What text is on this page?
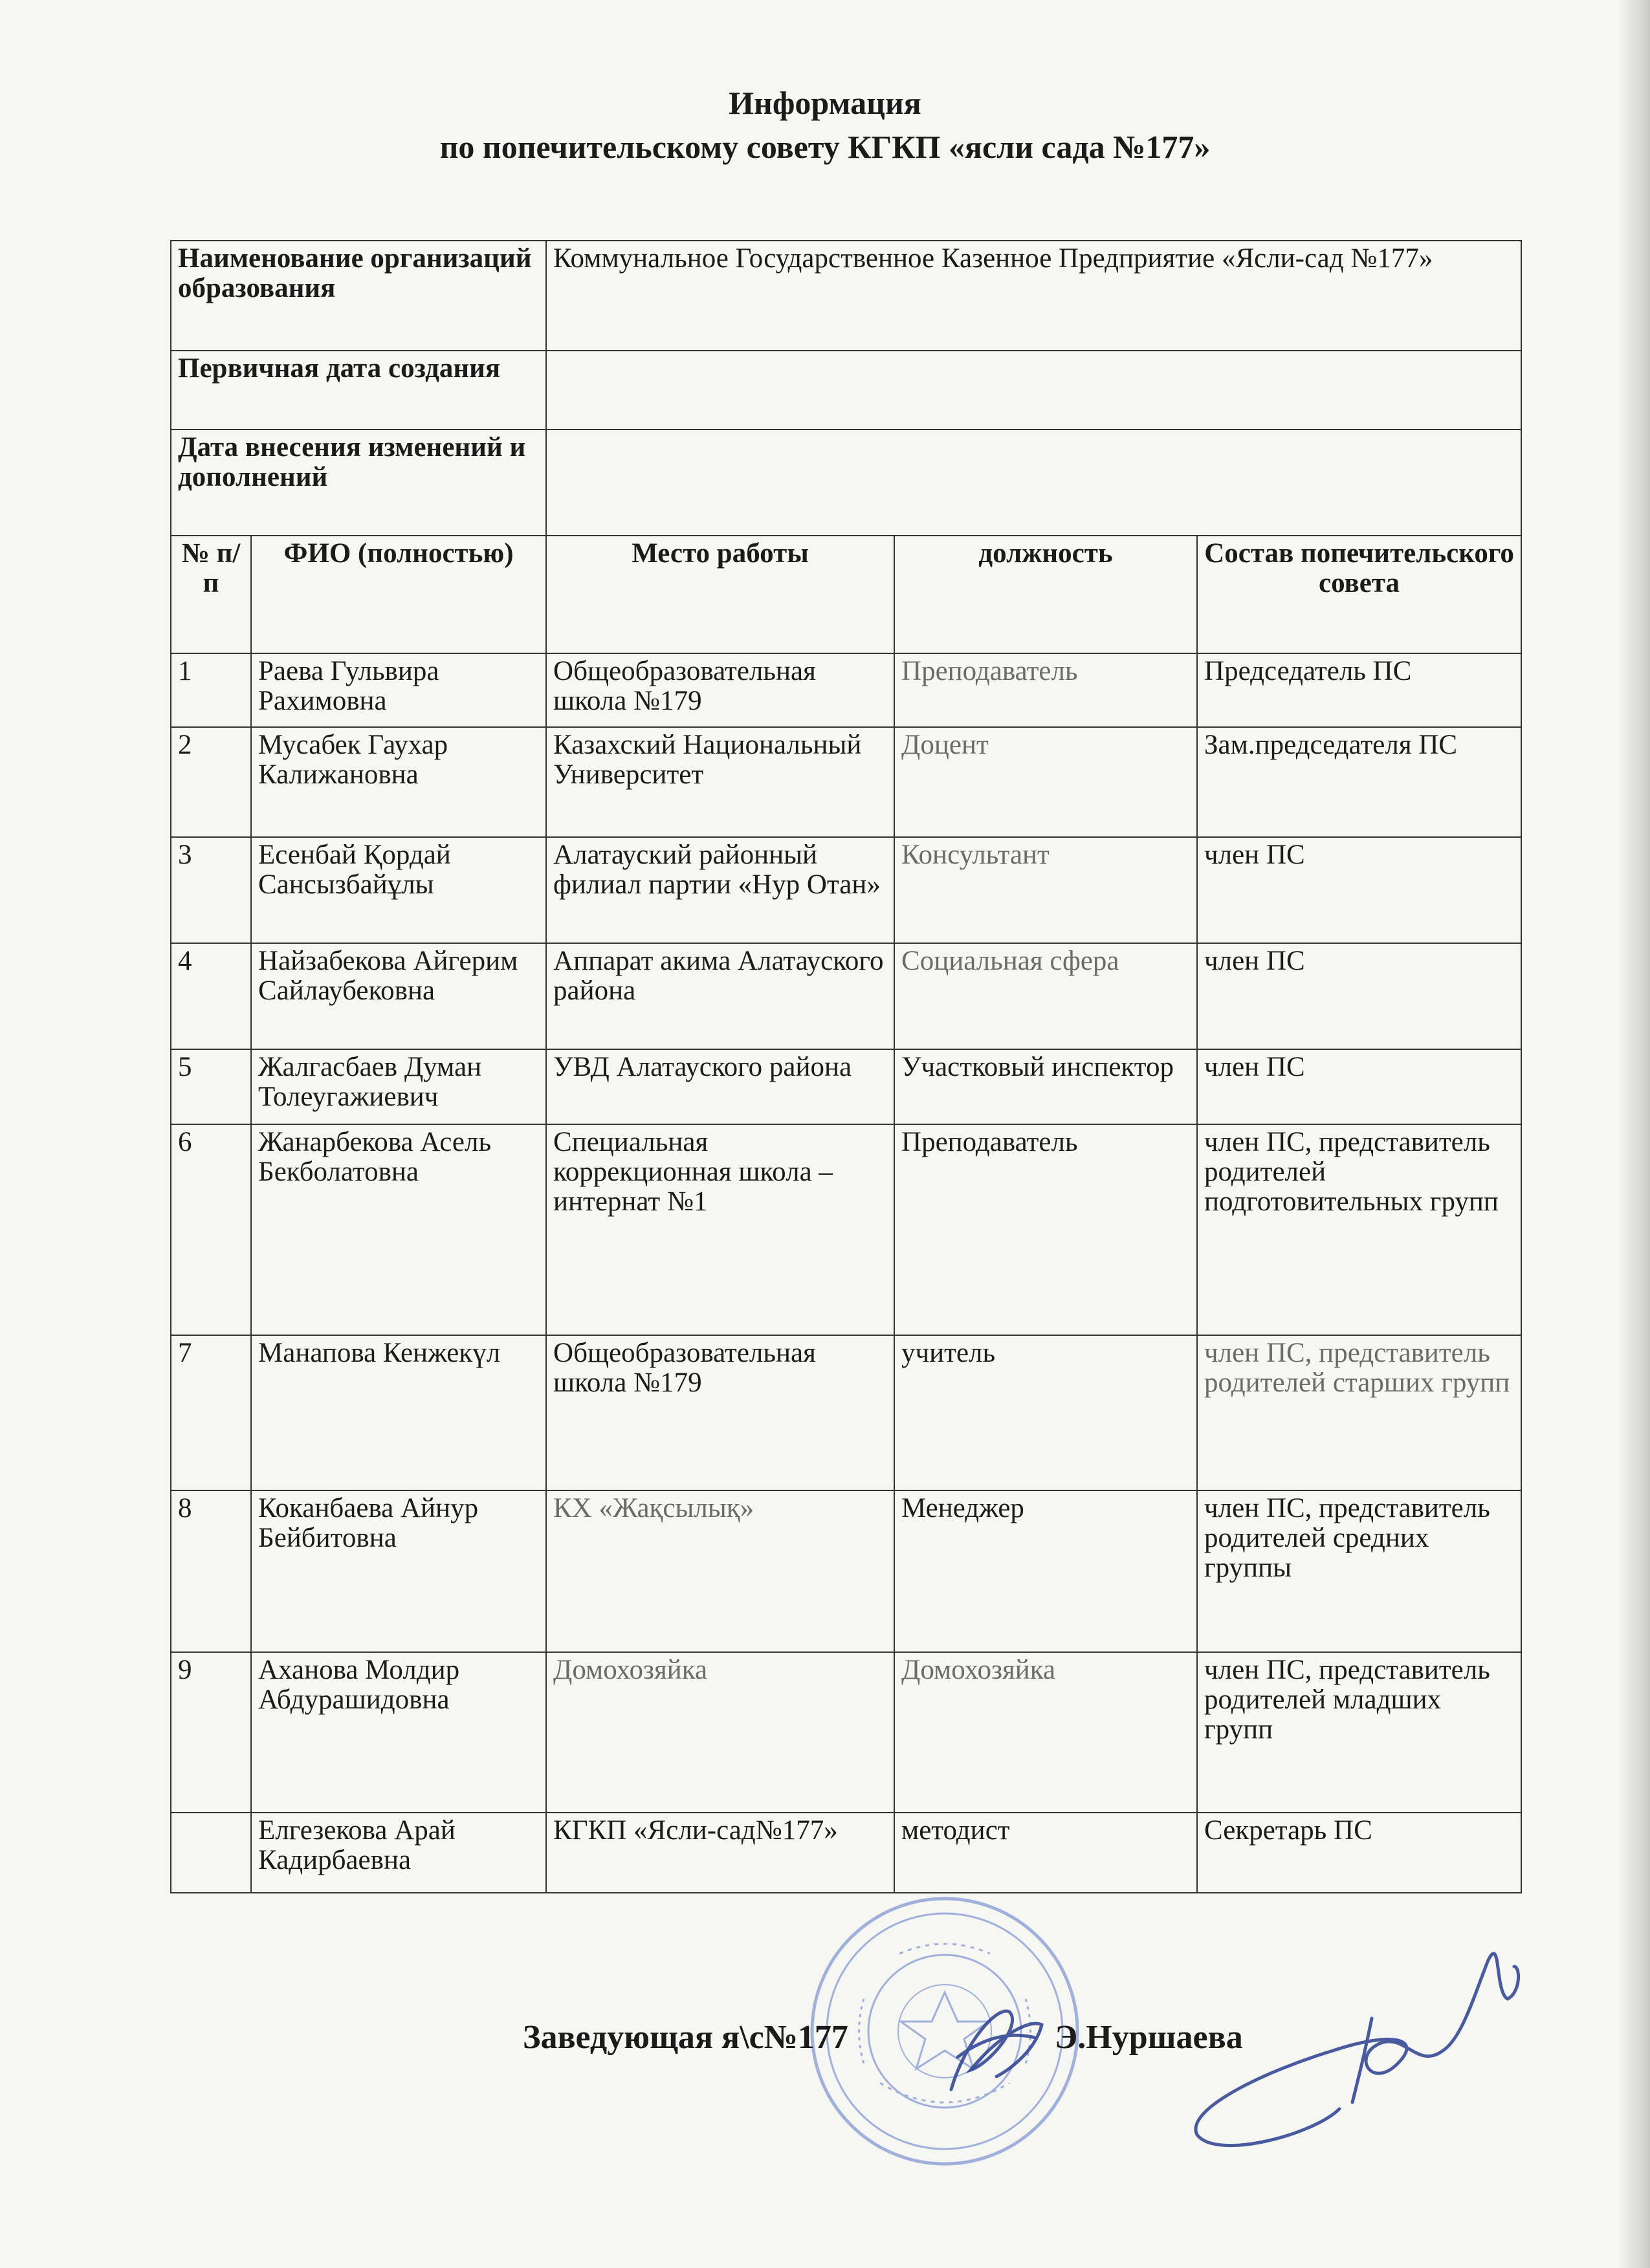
Информация
по попечительскому совету КГКП «ясли сада №177»
Наименование организаций образования		Коммунальное Государственное Казенное Предприятие «Ясли-сад №177»		
Первичная дата создания				
Дата внесения изменений и дополнений				
№ п/п	ФИО (полностью)	Место работы	должность	Состав попечительского совета
1	Раева Гульвира Рахимовна	Общеобразовательная школа №179	Преподаватель	Председатель ПС
2	Мусабек Гаухар Калижановна	Казахский Национальный Университет	Доцент	Зам.председателя ПС
3	Есенбай Қордай Сансызбайұлы	Алатауский районный филиал партии «Нур Отан»	Консультант	член ПС
4	Найзабекова Айгерим Сайлаубековна	Аппарат акима Алатауского района	Социальная сфера	член ПС
5	Жалгасбаев Думан Толеугажиевич	УВД Алатауского района	Участковый инспектор	член ПС
6	Жанарбекова Асель Бекболатовна	Специальная коррекционная школа – интернат №1	Преподаватель	член ПС, представитель родителей подготовительных групп
7	Манапова Кенжекүл	Общеобразовательная школа №179	учитель	член ПС, представитель родителей старших групп
8	Коканбаева Айнур Бейбитовна	КХ «Жақсылық»	Менеджер	член ПС, представитель родителей средних группы
9	Аханова Молдир Абдурашидовна	Домохозяйка	Домохозяйка	член ПС, представитель родителей младших групп
	Елгезекова Арай Кадирбаевна	КГКП «Ясли-сад№177»	методист	Секретарь ПС
Заведующая я\с№177	Э.Нуршаева
